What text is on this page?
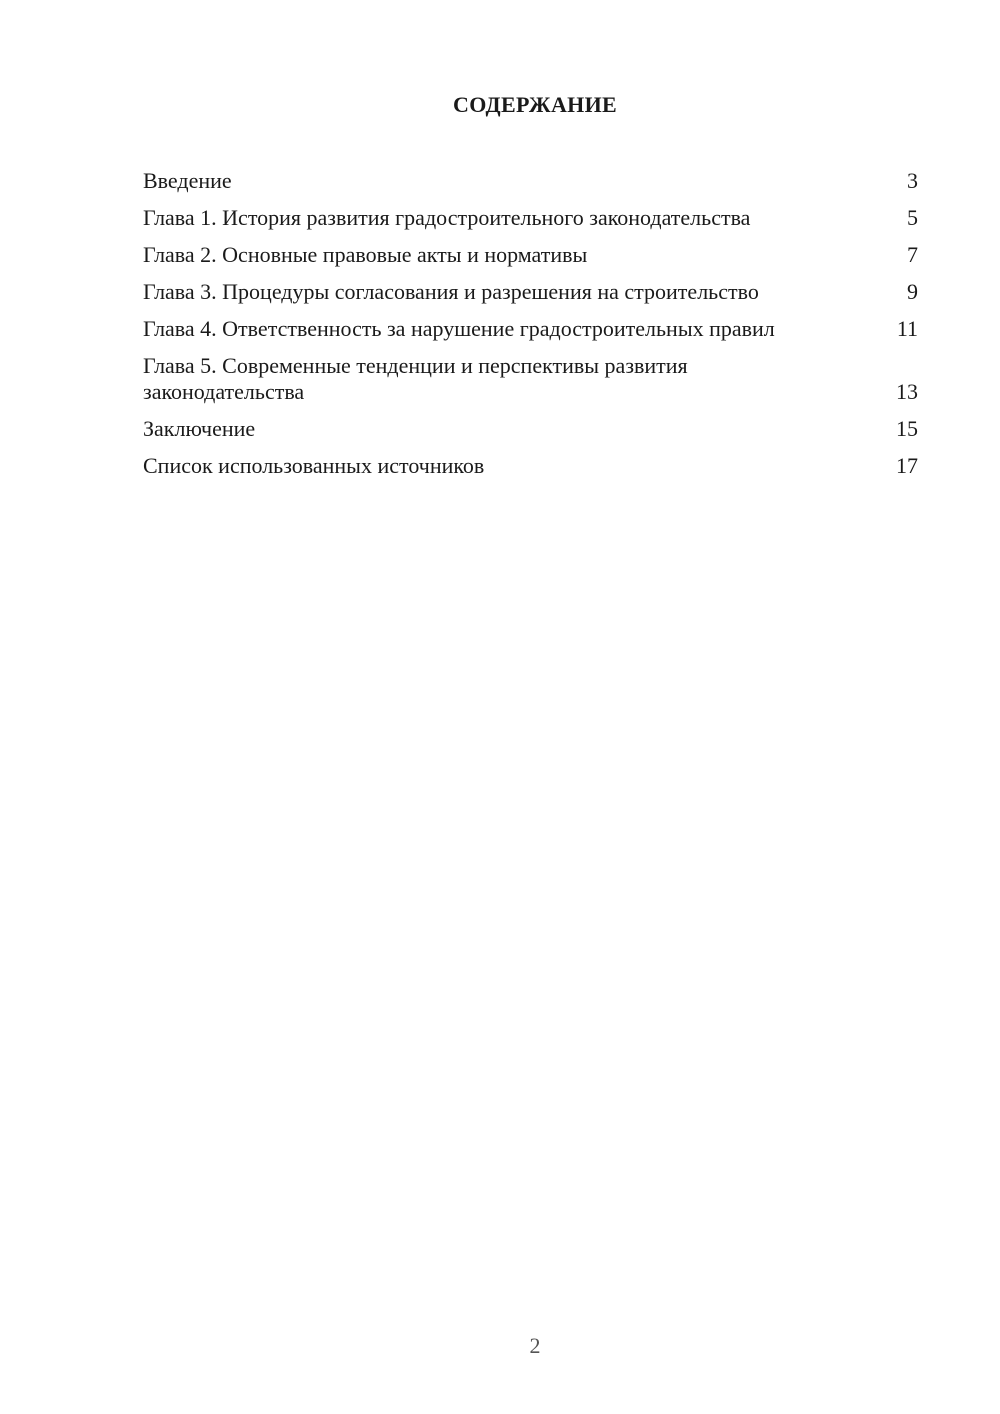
СОДЕРЖАНИЕ
Введение	3
Глава 1. История развития градостроительного законодательства	5
Глава 2. Основные правовые акты и нормативы	7
Глава 3. Процедуры согласования и разрешения на строительство	9
Глава 4. Ответственность за нарушение градостроительных правил	11
Глава 5. Современные тенденции и перспективы развития законодательства	13
Заключение	15
Список использованных источников	17
2
